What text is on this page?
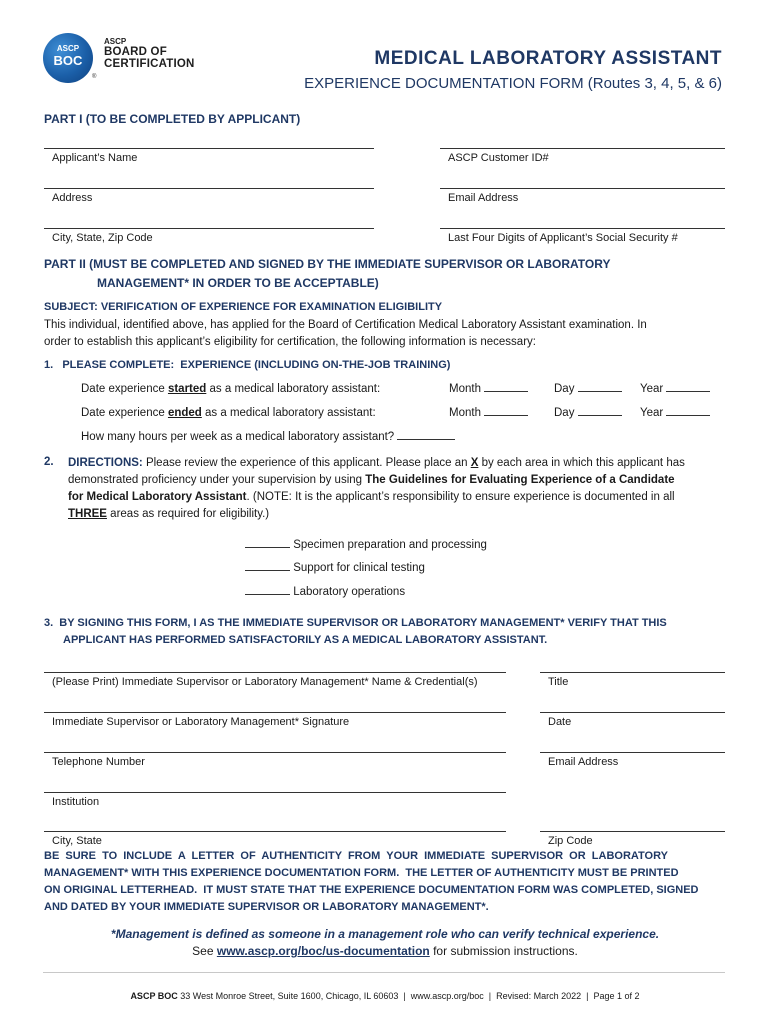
ASCP
BOC
ASCP
BOARD OF
CERTIFICATION
®
MEDICAL LABORATORY ASSISTANT
EXPERIENCE DOCUMENTATION FORM (Routes 3, 4, 5, & 6)
PART I (TO BE COMPLETED BY APPLICANT)
Applicant’s Name	ASCP Customer ID#
Address	Email Address
City, State, Zip Code	Last Four Digits of Applicant’s Social Security #
PART II (MUST BE COMPLETED AND SIGNED BY THE IMMEDIATE SUPERVISOR OR LABORATORY
MANAGEMENT* IN ORDER TO BE ACCEPTABLE)
SUBJECT: VERIFICATION OF EXPERIENCE FOR EXAMINATION ELIGIBILITY
This individual, identified above, has applied for the Board of Certification Medical Laboratory Assistant examination. In
order to establish this applicant’s eligibility for certification, the following information is necessary:
1.   PLEASE COMPLETE:  EXPERIENCE (INCLUDING ON-THE-JOB TRAINING)
Date experience started as a medical laboratory assistant:	Month	Day	Year
Date experience ended as a medical laboratory assistant:	Month	Day	Year
How many hours per week as a medical laboratory assistant?
2. DIRECTIONS: Please review the experience of this applicant. Please place an X by each area in which this applicant has
demonstrated proficiency under your supervision by using The Guidelines for Evaluating Experience of a Candidate
for Medical Laboratory Assistant. (NOTE: It is the applicant’s responsibility to ensure experience is documented in all
THREE areas as required for eligibility.)
Specimen preparation and processing
Support for clinical testing
Laboratory operations
3.  BY SIGNING THIS FORM, I AS THE IMMEDIATE SUPERVISOR OR LABORATORY MANAGEMENT* VERIFY THAT THIS
APPLICANT HAS PERFORMED SATISFACTORILY AS A MEDICAL LABORATORY ASSISTANT.
(Please Print) Immediate Supervisor or Laboratory Management* Name & Credential(s)	Title
Immediate Supervisor or Laboratory Management* Signature	Date
Telephone Number	Email Address
Institution
City, State	Zip Code
BE  SURE  TO  INCLUDE  A  LETTER  OF  AUTHENTICITY  FROM  YOUR  IMMEDIATE  SUPERVISOR  OR  LABORATORY
MANAGEMENT* WITH THIS EXPERIENCE DOCUMENTATION FORM.  THE LETTER OF AUTHENTICITY MUST BE PRINTED
ON ORIGINAL LETTERHEAD.  IT MUST STATE THAT THE EXPERIENCE DOCUMENTATION FORM WAS COMPLETED, SIGNED
AND DATED BY YOUR IMMEDIATE SUPERVISOR OR LABORATORY MANAGEMENT*.
*Management is defined as someone in a management role who can verify technical experience.
See www.ascp.org/boc/us-documentation for submission instructions.
ASCP BOC 33 West Monroe Street, Suite 1600, Chicago, IL 60603  |  www.ascp.org/boc  |  Revised: March 2022  |  Page 1 of 2
